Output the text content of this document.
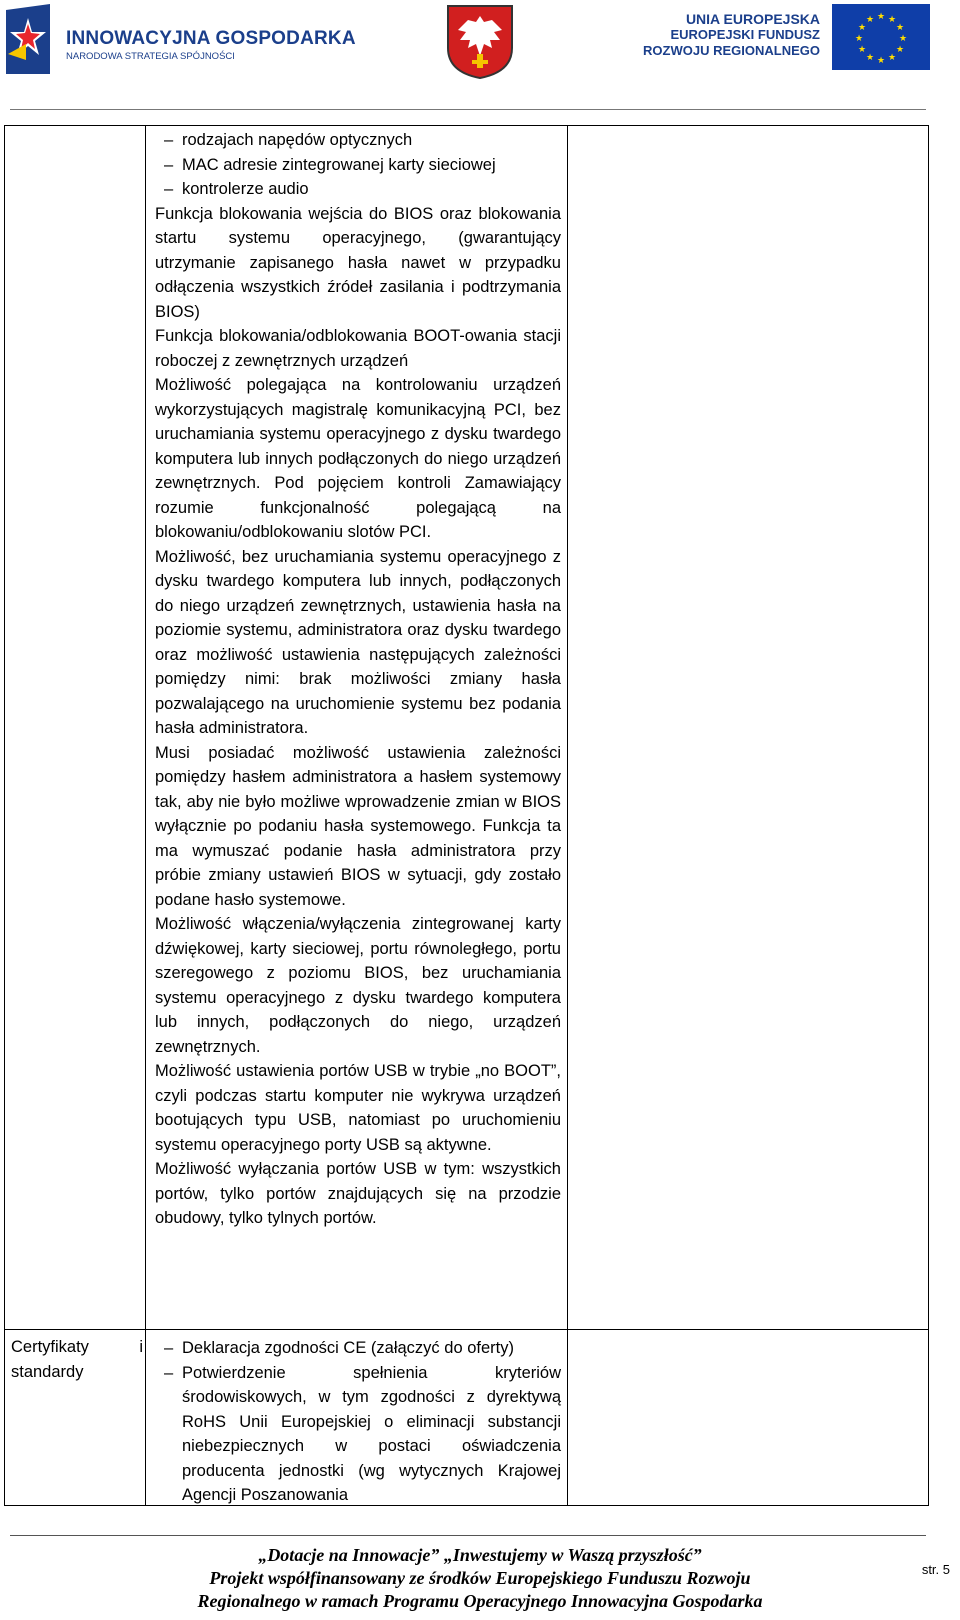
INNOWACYJNA GOSPODARKA
NARODOWA STRATEGIA SPÓJNOŚCI
UNIA EUROPEJSKA
EUROPEJSKI FUNDUSZ
ROZWOJU REGIONALNEGO
★ ★
★
★
★
★
★
★
★
★
★
★

– rodzajach napędów optycznych

– MAC adresie zintegrowanej karty sieciowej

– kontrolerze audio

Funkcja blokowania wejścia do BIOS oraz blokowania startu systemu operacyjnego, (gwarantujący utrzymanie zapisanego hasła nawet w przypadku odłączenia wszystkich źródeł zasilania i podtrzymania BIOS)

Funkcja blokowania/odblokowania BOOT-owania stacji roboczej z zewnętrznych urządzeń

Możliwość polegająca na kontrolowaniu urządzeń wykorzystujących magistralę komunikacyjną PCI, bez uruchamiania systemu operacyjnego z dysku twardego komputera lub innych podłączonych do niego urządzeń zewnętrznych. Pod pojęciem kontroli Zamawiający rozumie funkcjonalność polegającą na blokowaniu/odblokowaniu slotów PCI.

Możliwość, bez uruchamiania systemu operacyjnego z dysku twardego komputera lub innych, podłączonych do niego urządzeń zewnętrznych, ustawienia hasła na poziomie systemu, administratora oraz dysku twardego oraz możliwość ustawienia następujących zależności pomiędzy nimi: brak możliwości zmiany hasła pozwalającego na uruchomienie systemu bez podania hasła administratora.

Musi posiadać możliwość ustawienia zależności pomiędzy hasłem administratora a hasłem systemowy tak, aby nie było możliwe wprowadzenie zmian w BIOS wyłącznie po podaniu hasła systemowego. Funkcja ta ma wymuszać podanie hasła administratora przy próbie zmiany ustawień BIOS w sytuacji, gdy zostało podane hasło systemowe.

Możliwość włączenia/wyłączenia zintegrowanej karty dźwiękowej, karty sieciowej, portu równoległego, portu szeregowego z poziomu BIOS, bez uruchamiania systemu operacyjnego z dysku twardego komputera lub innych, podłączonych do niego, urządzeń zewnętrznych.

Możliwość ustawienia portów USB w trybie „no BOOT”, czyli podczas startu komputer nie wykrywa urządzeń bootujących typu USB, natomiast po uruchomieniu systemu operacyjnego porty USB są aktywne.

Możliwość wyłączania portów USB w tym: wszystkich portów, tylko portów znajdujących się na przodzie obudowy, tylko tylnych portów.

Certyfikaty	i
standardy

– Deklaracja zgodności CE (załączyć do oferty)

– Potwierdzenie spełnienia kryteriów środowiskowych, w tym zgodności z dyrektywą RoHS Unii Europejskiej o eliminacji substancji niebezpiecznych w postaci oświadczenia producenta jednostki (wg wytycznych Krajowej Agencji Poszanowania

„Dotacje na Innowacje” „Inwestujemy w Waszą przyszłość”
Projekt współfinansowany ze środków Europejskiego Funduszu Rozwoju
Regionalnego w ramach Programu Operacyjnego Innowacyjna Gospodarka
str. 5
